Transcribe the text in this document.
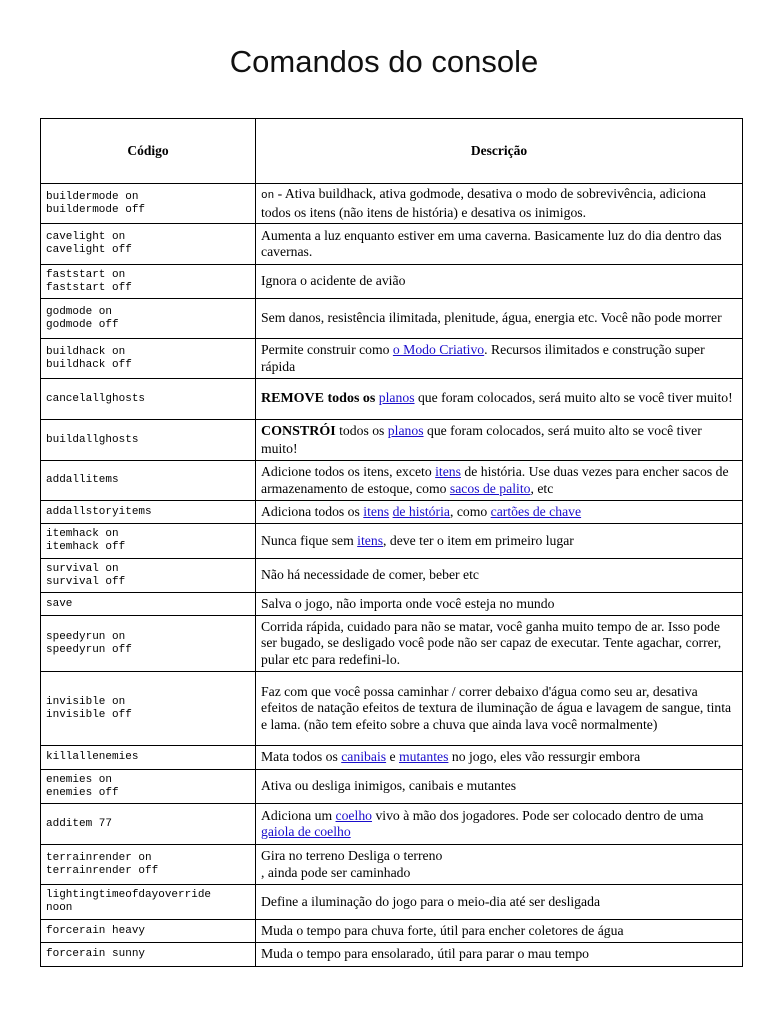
Comandos do console
Código	Descrição
buildermode on
buildermode off	on - Ativa buildhack, ativa godmode, desativa o modo de sobrevivência, adiciona todos os itens (não itens de história) e desativa os inimigos.
cavelight on
cavelight off	Aumenta a luz enquanto estiver em uma caverna. Basicamente luz do dia dentro das cavernas.
faststart on
faststart off	Ignora o acidente de avião
godmode on
godmode off	Sem danos, resistência ilimitada, plenitude, água, energia etc. Você não pode morrer
buildhack on
buildhack off	Permite construir como o Modo Criativo. Recursos ilimitados e construção super rápida
cancelallghosts	REMOVE todos os planos que foram colocados, será muito alto se você tiver muito!
buildallghosts	CONSTRÓI todos os planos que foram colocados, será muito alto se você tiver muito!
addallitems	Adicione todos os itens, exceto itens de história. Use duas vezes para encher sacos de armazenamento de estoque, como sacos de palito, etc
addallstoryitems	Adiciona todos os itens de história, como cartões de chave
itemhack on
itemhack off	Nunca fique sem itens, deve ter o item em primeiro lugar
survival on
survival off	Não há necessidade de comer, beber etc
save	Salva o jogo, não importa onde você esteja no mundo
speedyrun on
speedyrun off	Corrida rápida, cuidado para não se matar, você ganha muito tempo de ar. Isso pode ser bugado, se desligado você pode não ser capaz de executar. Tente agachar, correr, pular etc para redefini-lo.
invisible on
invisible off	Faz com que você possa caminhar / correr debaixo d'água como seu ar, desativa efeitos de natação efeitos de textura de iluminação de água e lavagem de sangue, tinta e lama. (não tem efeito sobre a chuva que ainda lava você normalmente)
killallenemies	Mata todos os canibais e mutantes no jogo, eles vão ressurgir embora
enemies on
enemies off	Ativa ou desliga inimigos, canibais e mutantes
additem 77	Adiciona um coelho vivo à mão dos jogadores. Pode ser colocado dentro de uma gaiola de coelho
terrainrender on
terrainrender off	Gira no terreno Desliga o terreno
, ainda pode ser caminhado
lightingtimeofdayoverride
noon	Define a iluminação do jogo para o meio-dia até ser desligada
forcerain heavy	Muda o tempo para chuva forte, útil para encher coletores de água
forcerain sunny	Muda o tempo para ensolarado, útil para parar o mau tempo
